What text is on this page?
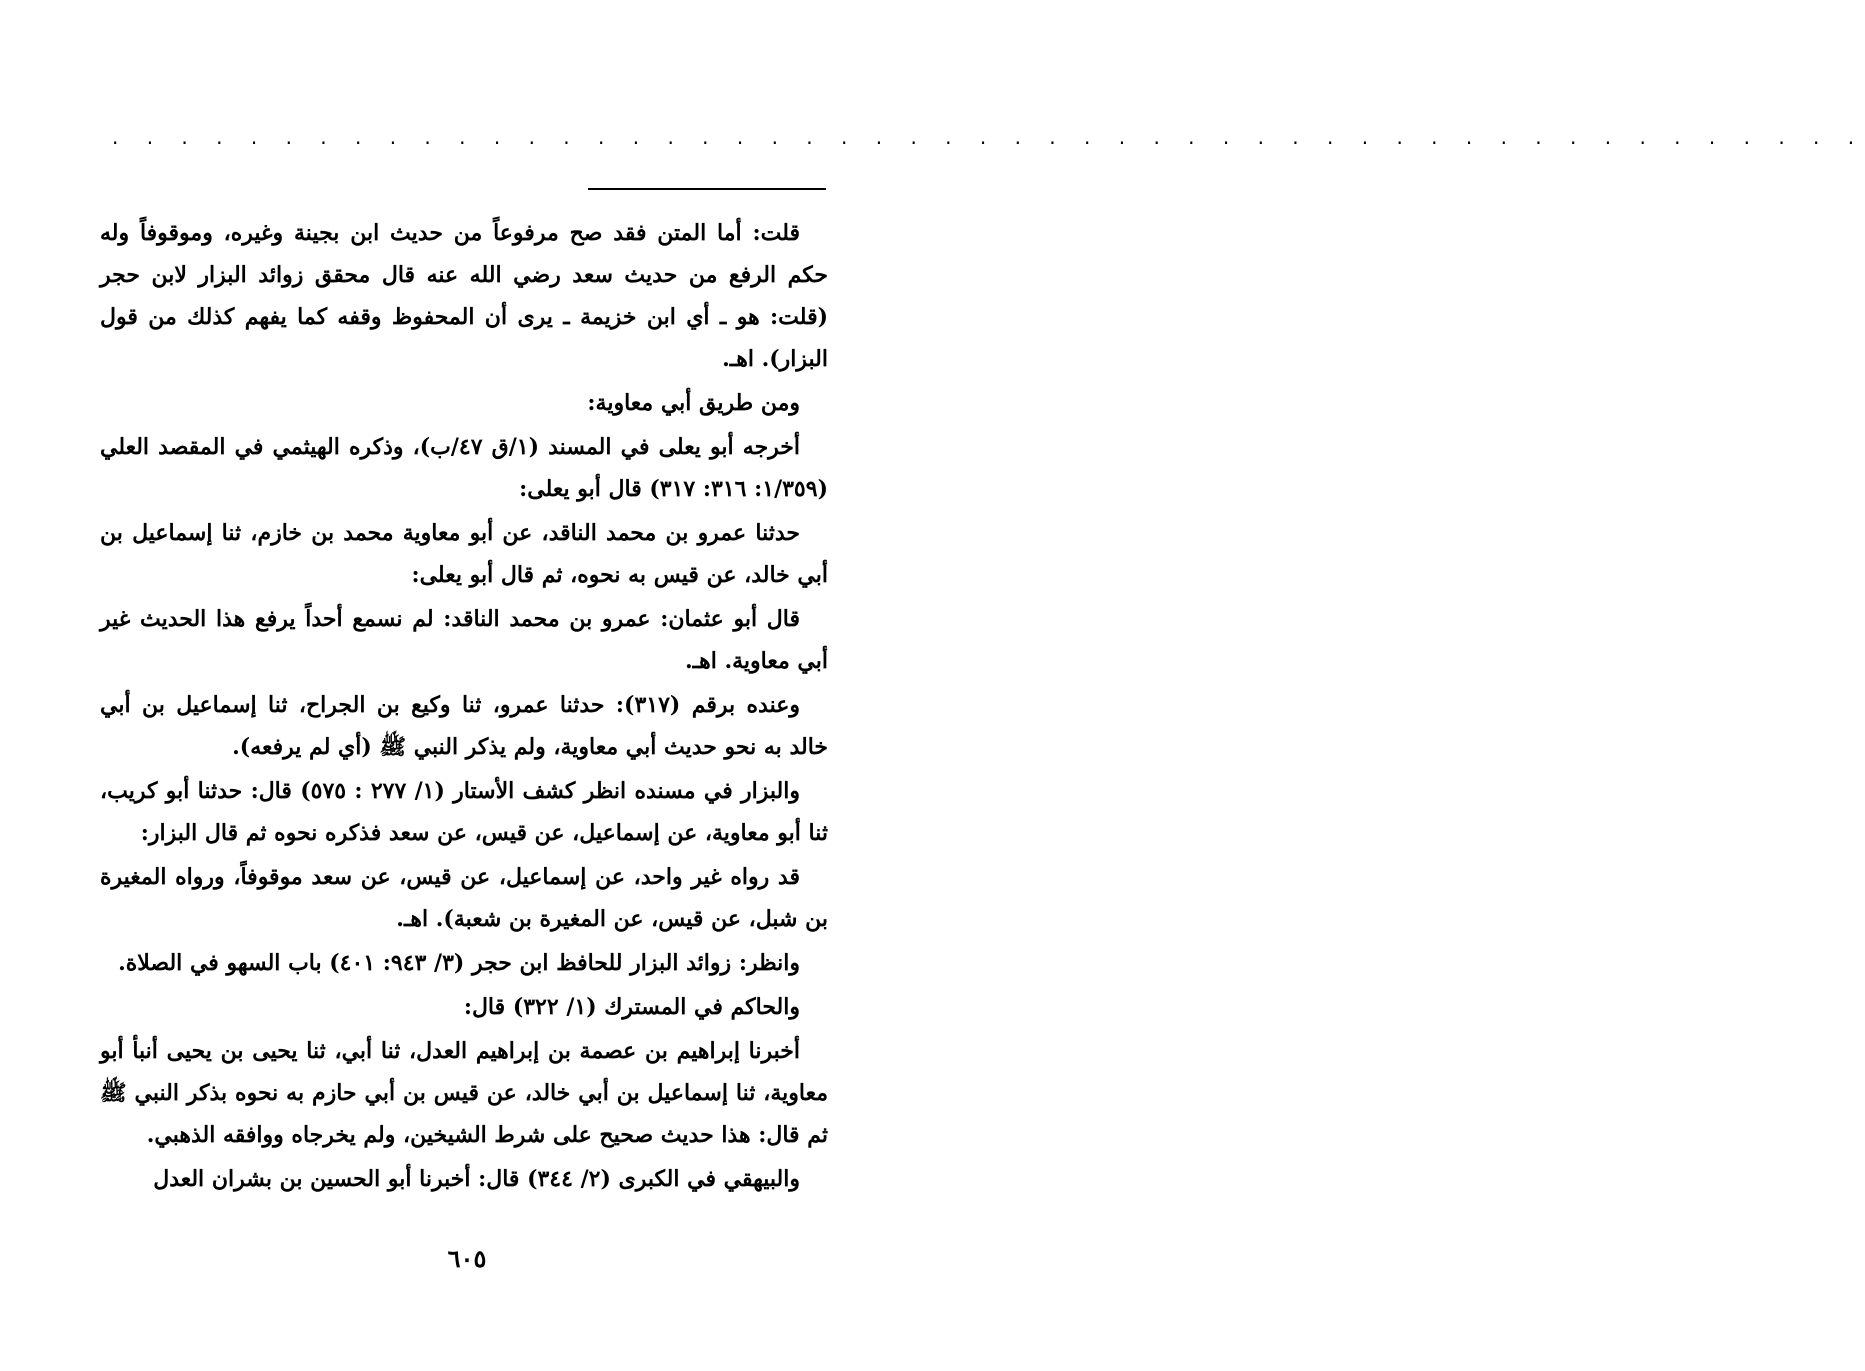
· · · · · · · · · · · · · · · · · · · · · · · · · · · · · · · · · · · · · · · · · · · · · · · · · · ·

قلت: أما المتن فقد صح مرفوعاً من حديث ابن بجينة وغيره، وموقوفاً وله حكم الرفع من حديث سعد رضي الله عنه قال محقق زوائد البزار لابن حجر (قلت: هو ـ أي ابن خزيمة ـ يرى أن المحفوظ وقفه كما يفهم كذلك من قول البزار). اهـ.

ومن طريق أبي معاوية:

أخرجه أبو يعلى في المسند (١/ق ٤٧/ب)، وذكره الهيثمي في المقصد العلي (١/٣٥٩: ٣١٦: ٣١٧) قال أبو يعلى:

حدثنا عمرو بن محمد الناقد، عن أبو معاوية محمد بن خازم، ثنا إسماعيل بن أبي خالد، عن قيس به نحوه، ثم قال أبو يعلى:

قال أبو عثمان: عمرو بن محمد الناقد: لم نسمع أحداً يرفع هذا الحديث غير أبي معاوية. اهـ.

وعنده برقم (٣١٧): حدثنا عمرو، ثنا وكيع بن الجراح، ثنا إسماعيل بن أبي خالد به نحو حديث أبي معاوية، ولم يذكر النبي ﷺ (أي لم يرفعه).

والبزار في مسنده انظر كشف الأستار (١/ ٢٧٧ : ٥٧٥) قال: حدثنا أبو كريب، ثنا أبو معاوية، عن إسماعيل، عن قيس، عن سعد فذكره نحوه ثم قال البزار:

قد رواه غير واحد، عن إسماعيل، عن قيس، عن سعد موقوفاً، ورواه المغيرة بن شبل، عن قيس، عن المغيرة بن شعبة). اهـ.

وانظر: زوائد البزار للحافظ ابن حجر (٣/ ٩٤٣: ٤٠١) باب السهو في الصلاة.

والحاكم في المسترك (١/ ٣٢٢) قال:

أخبرنا إبراهيم بن عصمة بن إبراهيم العدل، ثنا أبي، ثنا يحيى بن يحيى أنبأ أبو معاوية، ثنا إسماعيل بن أبي خالد، عن قيس بن أبي حازم به نحوه بذكر النبي ﷺ ثم قال: هذا حديث صحيح على شرط الشيخين، ولم يخرجاه ووافقه الذهبي.

والبيهقي في الكبرى (٢/ ٣٤٤) قال: أخبرنا أبو الحسين بن بشران العدل

٦٠٥
